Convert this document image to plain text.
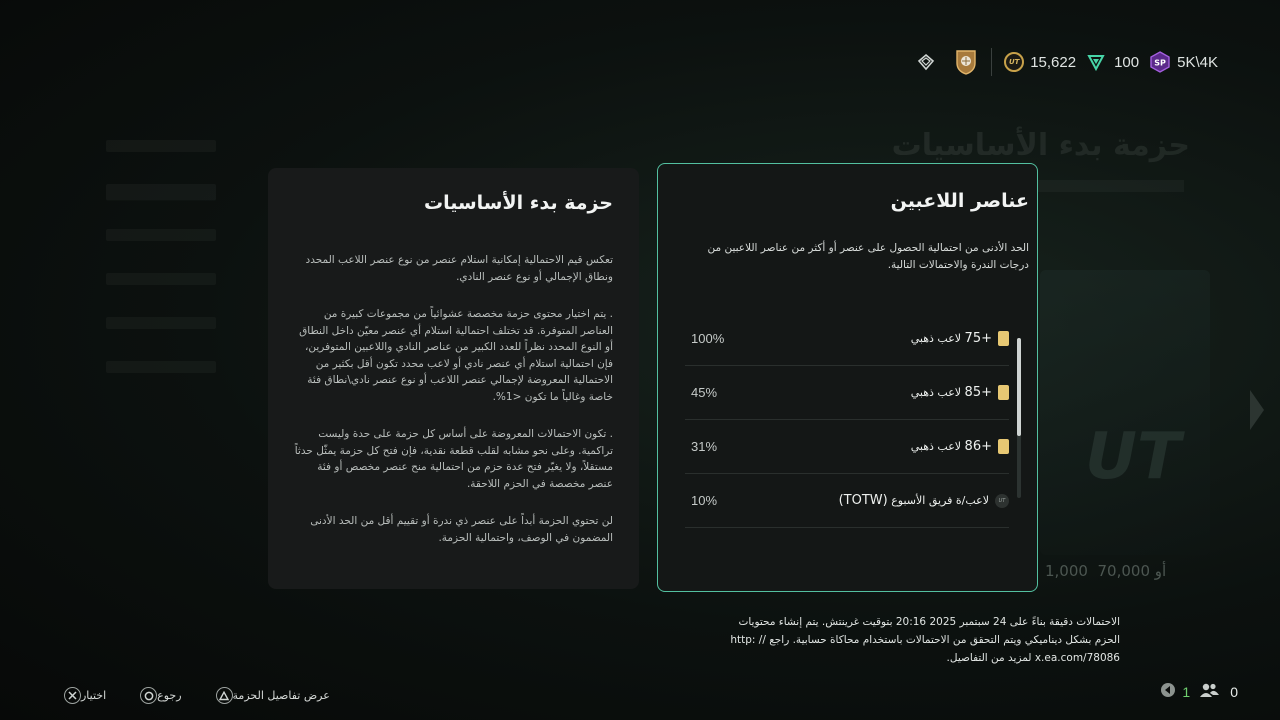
حزمة بدء الأساسيات
UT
أو 70,000  1,000
UT 15,622	100 SP 5K\4K
حزمة بدء الأساسيات

تعكس قيم الاحتمالية إمكانية استلام عنصر من نوع عنصر اللاعب المحدد ونطاق الإجمالي أو نوع عنصر النادي.

. يتم اختيار محتوى حزمة مخصصة عشوائياً من مجموعات كبيرة من العناصر المتوفرة. قد تختلف احتمالية استلام أي عنصر معيّن داخل النطاق أو النوع المحدد نظراً للعدد الكبير من عناصر النادي واللاعبين المتوفرين، فإن احتمالية استلام أي عنصر نادي أو لاعب محدد تكون أقل بكثير من الاحتمالية المعروضة لإجمالي عنصر اللاعب أو نوع عنصر نادي\نطاق فئة خاصة وغالباً ما تكون <1%.

. تكون الاحتمالات المعروضة على أساس كل حزمة على حدة وليست تراكمية. وعلى نحو مشابه لقلب قطعة نقدية، فإن فتح كل حزمة يمثّل حدثاً مستقلاً، ولا يغيّر فتح عدة حزم من احتمالية منح عنصر مخصص أو فئة عنصر مخصصة في الحزم اللاحقة.

لن تحتوي الحزمة أبداً على عنصر ذي ندرة أو تقييم أقل من الحد الأدنى المضمون في الوصف، واحتمالية الحزمة.

عناصر اللاعبين
الحد الأدنى من احتمالية الحصول على عنصر أو أكثر من عناصر اللاعبين من درجات الندرة والاحتمالات التالية.
+75 لاعب ذهبي
100%
+85 لاعب ذهبي
45%
+86 لاعب ذهبي
31%
UT
لاعب/ة فريق الأسبوع (TOTW)
10%
الاحتمالات دقيقة بناءً على 24 سبتمبر 2025 20:16 بتوقيت غرينتش. يتم إنشاء محتويات الحزم بشكل ديناميكي ويتم التحقق من الاحتمالات باستخدام محاكاة حسابية. راجع // :http x.ea.com/78086 لمزيد من التفاصيل.
اختيار	رجوع	عرض تفاصيل الحزمة	1	0
